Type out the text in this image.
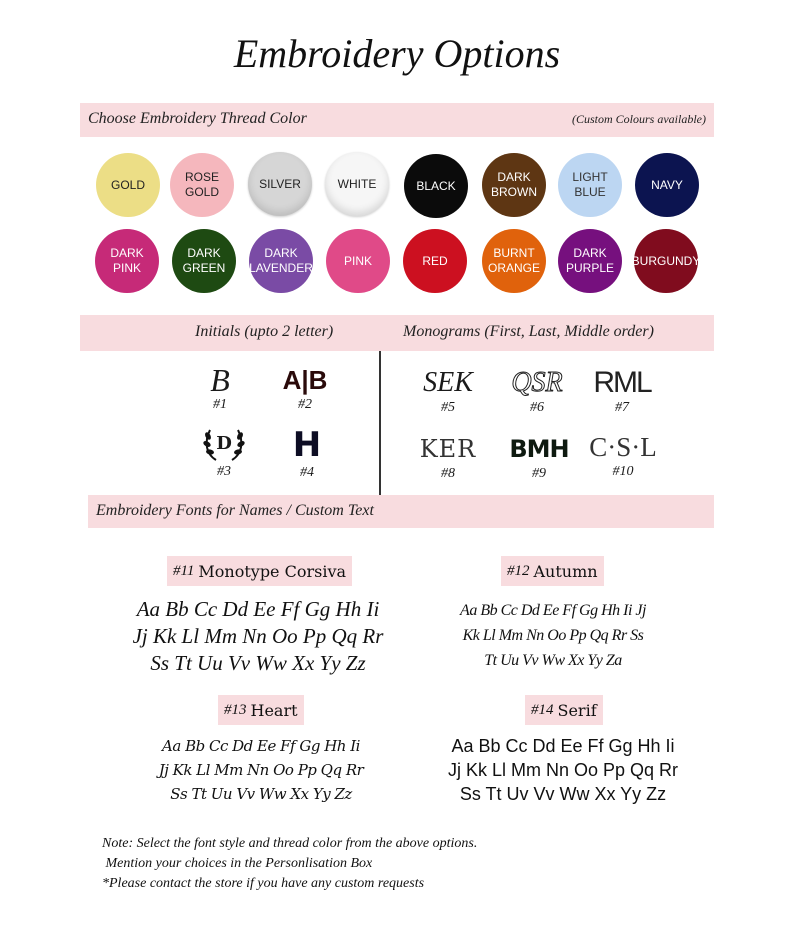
Embroidery Options
Choose Embroidery Thread Color	(Custom Colours available)
GOLD
ROSE
GOLD
SILVER	WHITE	BLACK
DARK
BROWN
LIGHT
BLUE
NAVY
DARK
PINK
DARK
GREEN
DARK
LAVENDER
PINK	RED
BURNT
ORANGE
DARK
PURPLE
BURGUNDY
Initials (upto 2 letter)	Monograms (First, Last, Middle order)
B
#1
A|B
#2
D
#3
H
#4
SEK
#5
QSR
#6
RML
#7
KER
#8
BMH
#9
C·S·L
#10
Embroidery Fonts for Names / Custom Text
#11 Monotype Corsiva
Aa Bb Cc Dd Ee Ff Gg Hh Ii
Jj Kk Ll Mm Nn Oo Pp Qq Rr
Ss Tt Uu Vv Ww Xx Yy Zz
#12 Autumn
Aa Bb Cc Dd Ee Ff Gg Hh Ii Jj
Kk Ll Mm Nn Oo Pp Qq Rr Ss
Tt Uu Vv Ww Xx Yy Za
#13 Heart
Aa Bb Cc Dd Ee Ff Gg Hh Ii
Jj Kk Ll Mm Nn Oo Pp Qq Rr
Ss Tt Uu Vv Ww Xx Yy Zz
#14 Serif
Aa Bb Cc Dd Ee Ff Gg Hh Ii
Jj Kk Ll Mm Nn Oo Pp Qq Rr
Ss Tt Uv Vv Ww Xx Yy Zz
Note: Select the font style and thread color from the above options.
Mention your choices in the Personlisation Box
*Please contact the store if you have any custom requests
